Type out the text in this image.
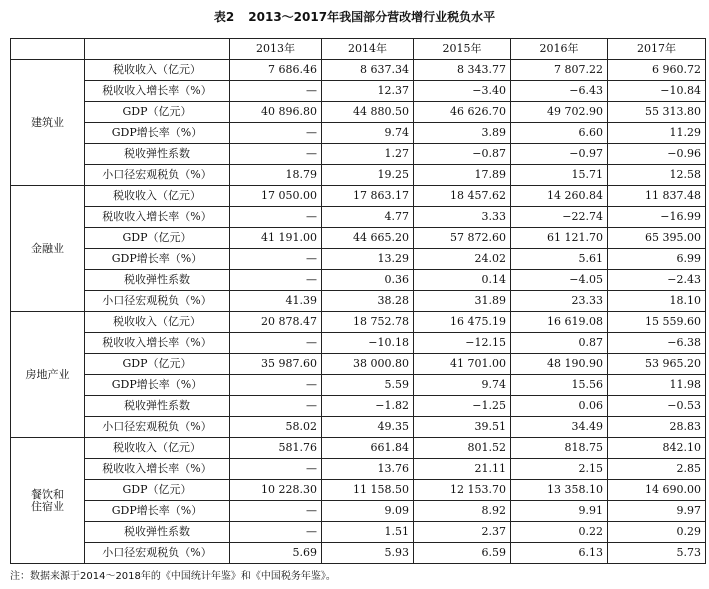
表2 2013～2017年我国部分营改增行业税负水平
		2013年	2014年	2015年	2016年	2017年
建筑业	税收收入（亿元）	7 686.46	8 637.34	8 343.77	7 807.22	6 960.72
	税收收入增长率（%）	—	12.37	−3.40	−6.43	−10.84
	GDP（亿元）	40 896.80	44 880.50	46 626.70	49 702.90	55 313.80
	GDP增长率（%）	—	9.74	3.89	6.60	11.29
	税收弹性系数	—	1.27	−0.87	−0.97	−0.96
	小口径宏观税负（%）	18.79	19.25	17.89	15.71	12.58
金融业	税收收入（亿元）	17 050.00	17 863.17	18 457.62	14 260.84	11 837.48
	税收收入增长率（%）	—	4.77	3.33	−22.74	−16.99
	GDP（亿元）	41 191.00	44 665.20	57 872.60	61 121.70	65 395.00
	GDP增长率（%）	—	13.29	24.02	5.61	6.99
	税收弹性系数	—	0.36	0.14	−4.05	−2.43
	小口径宏观税负（%）	41.39	38.28	31.89	23.33	18.10
房地产业	税收收入（亿元）	20 878.47	18 752.78	16 475.19	16 619.08	15 559.60
	税收收入增长率（%）	—	−10.18	−12.15	0.87	−6.38
	GDP（亿元）	35 987.60	38 000.80	41 701.00	48 190.90	53 965.20
	GDP增长率（%）	—	5.59	9.74	15.56	11.98
	税收弹性系数	—	−1.82	−1.25	0.06	−0.53
	小口径宏观税负（%）	58.02	49.35	39.51	34.49	28.83
餐饮和
住宿业	税收收入（亿元）	581.76	661.84	801.52	818.75	842.10
	税收收入增长率（%）	—	13.76	21.11	2.15	2.85
	GDP（亿元）	10 228.30	11 158.50	12 153.70	13 358.10	14 690.00
	GDP增长率（%）	—	9.09	8.92	9.91	9.97
	税收弹性系数	—	1.51	2.37	0.22	0.29
	小口径宏观税负（%）	5.69	5.93	6.59	6.13	5.73
注：数据来源于2014～2018年的《中国统计年鉴》和《中国税务年鉴》。
